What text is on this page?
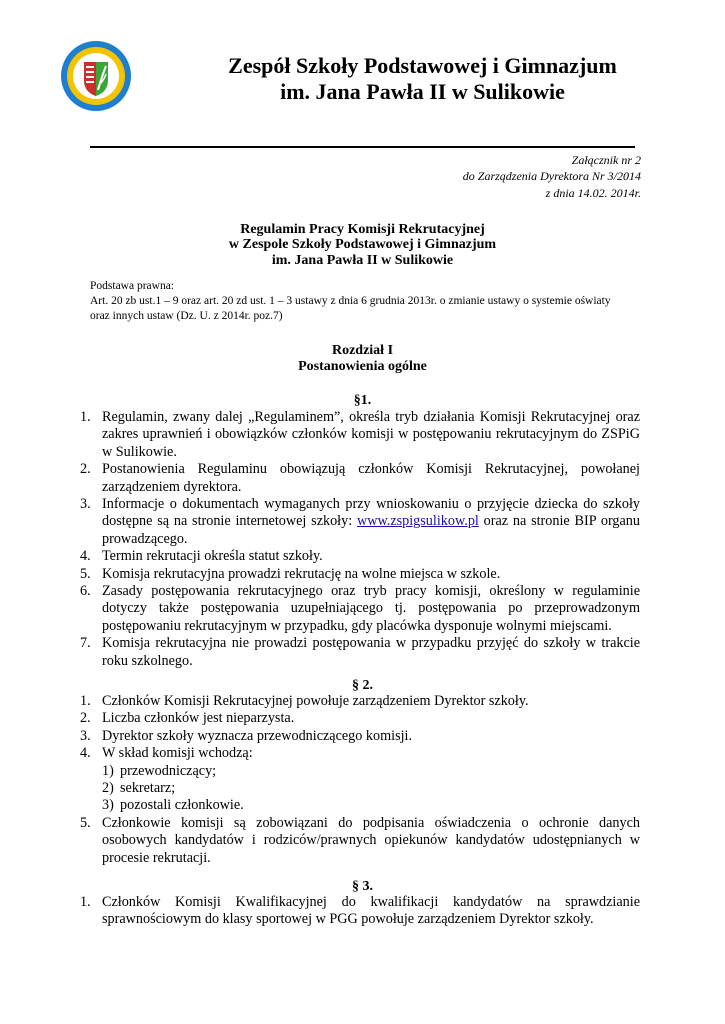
Zespół Szkoły Podstawowej i Gimnazjum
im. Jana Pawła II w Sulikowie
Załącznik nr 2
do Zarządzenia Dyrektora Nr 3/2014
z dnia 14.02. 2014r.
Regulamin Pracy Komisji Rekrutacyjnej
w Zespole Szkoły Podstawowej i Gimnazjum
im. Jana Pawła II w Sulikowie
Podstawa prawna:
Art. 20 zb ust.1 – 9 oraz art. 20 zd ust. 1 – 3 ustawy z dnia 6 grudnia 2013r. o zmianie ustawy o systemie oświaty
oraz innych ustaw (Dz. U. z 2014r. poz.7)
Rozdział I
Postanowienia ogólne
§1.
1. Regulamin, zwany dalej „Regulaminem”, określa tryb działania Komisji Rekrutacyjnej oraz zakres uprawnień i obowiązków członków komisji w postępowaniu rekrutacyjnym do ZSPiG w Sulikowie.
2. Postanowienia Regulaminu obowiązują członków Komisji Rekrutacyjnej, powołanej zarządzeniem dyrektora.
3. Informacje o dokumentach wymaganych przy wnioskowaniu o przyjęcie dziecka do szkoły dostępne są na stronie internetowej szkoły: www.zspigsulikow.pl oraz na stronie BIP organu prowadzącego.
4. Termin rekrutacji określa statut szkoły.
5. Komisja rekrutacyjna prowadzi rekrutację na wolne miejsca w szkole.
6. Zasady postępowania rekrutacyjnego oraz tryb pracy komisji, określony w regulaminie dotyczy także postępowania uzupełniającego tj. postępowania po przeprowadzonym postępowaniu rekrutacyjnym w przypadku, gdy placówka dysponuje wolnymi miejscami.
7. Komisja rekrutacyjna nie prowadzi postępowania w przypadku przyjęć do szkoły w trakcie roku szkolnego.
§ 2.
1. Członków Komisji Rekrutacyjnej powołuje zarządzeniem Dyrektor szkoły.
2. Liczba członków jest nieparzysta.
3. Dyrektor szkoły wyznacza przewodniczącego komisji.
4. W skład komisji wchodzą:
1) przewodniczący;
2) sekretarz;
3) pozostali członkowie.
5. Członkowie komisji są zobowiązani do podpisania oświadczenia o ochronie danych osobowych kandydatów i rodziców/prawnych opiekunów kandydatów udostępnianych w procesie rekrutacji.
§ 3.
1. Członków Komisji Kwalifikacyjnej do kwalifikacji kandydatów na sprawdzianie sprawnościowym do klasy sportowej w PGG powołuje zarządzeniem Dyrektor szkoły.
